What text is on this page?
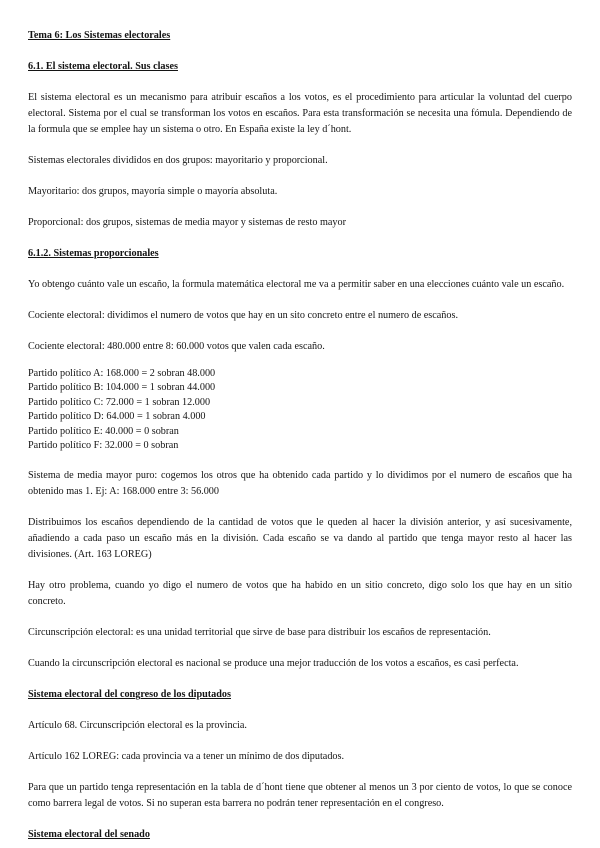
Tema 6: Los Sistemas electorales

6.1. El sistema electoral. Sus clases

El sistema electoral es un mecanismo para atribuir escaños a los votos, es el procedimiento para articular la voluntad del cuerpo electoral. Sistema por el cual se transforman los votos en escaños. Para esta transformación se necesita una fómula. Dependiendo de la formula que se emplee hay un sistema o otro. En España existe la ley d´hont.

Sistemas electorales divididos en dos grupos: mayoritario y proporcional.

Mayoritario: dos grupos, mayoría simple o mayoría absoluta.

Proporcional: dos grupos, sistemas de media mayor y sistemas de resto mayor

6.1.2. Sistemas proporcionales

Yo obtengo cuánto vale un escaño, la formula matemática electoral me va a permitir saber en una elecciones cuánto vale un escaño.

Cociente electoral: dividimos el numero de votos que hay en un sito concreto entre el numero de escaños.

Cociente electoral: 480.000 entre 8: 60.000 votos que valen cada escaño.

Partido político A: 168.000 = 2 sobran 48.000
Partido político B: 104.000 = 1 sobran 44.000
Partido político C: 72.000 = 1 sobran 12.000
Partido político D: 64.000 = 1 sobran 4.000
Partido político E: 40.000 = 0 sobran
Partido político F: 32.000 = 0 sobran

Sistema de media mayor puro: cogemos los otros que ha obtenido cada partido y lo dividimos por el numero de escaños que ha obtenido mas 1. Ej: A: 168.000 entre 3: 56.000

Distribuimos los escaños dependiendo de la cantidad de votos que le queden al hacer la división anterior, y así sucesivamente, añadiendo a cada paso un escaño más en la división. Cada escaño se va dando al partido que tenga mayor resto al hacer las divisiones. (Art. 163 LOREG)

Hay otro problema, cuando yo digo el numero de votos que ha habido en un sitio concreto, digo solo los que hay en un sitio concreto.

Circunscripción electoral: es una unidad territorial que sirve de base para distribuir los escaños de representación.

Cuando la circunscripción electoral es nacional se produce una mejor traducción de los votos a escaños, es casi perfecta.

Sistema electoral del congreso de los diputados

Artículo 68. Circunscripción electoral es la provincia.

Artículo 162 LOREG: cada provincia va a tener un mínimo de dos diputados.

Para que un partido tenga representación en la tabla de d´hont tiene que obtener al menos un 3 por ciento de votos, lo que se conoce como barrera legal de votos. Si no superan esta barrera no podrán tener representación en el congreso.

Sistema electoral del senado
